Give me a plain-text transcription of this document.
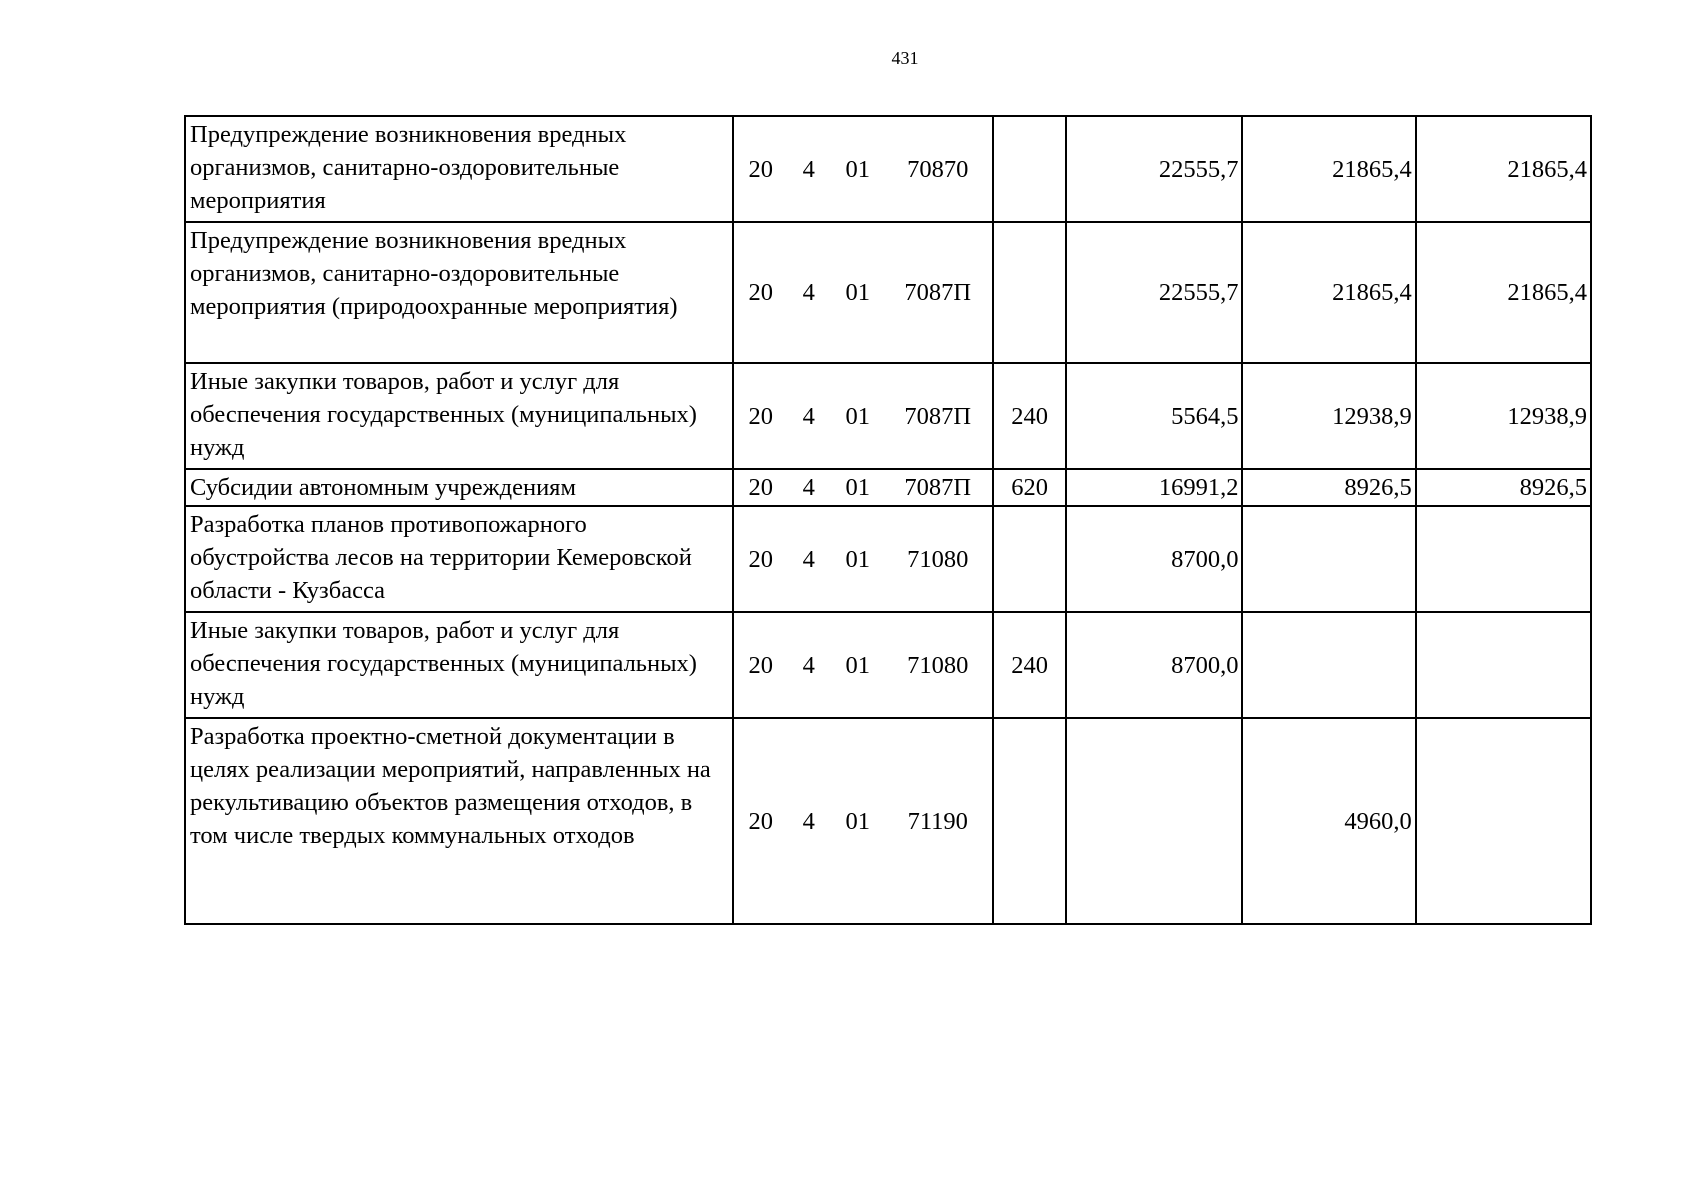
431
Предупреждение возникновения вредных организмов, санитарно-оздоровительные мероприятия	20 4 01 70870		22555,7	21865,4	21865,4
Предупреждение возникновения вредных организмов, санитарно-оздоровительные мероприятия (природоохранные мероприятия)	20 4 01 7087П		22555,7	21865,4	21865,4
Иные закупки товаров, работ и услуг для обеспечения государственных (муниципальных) нужд	20 4 01 7087П	240	5564,5	12938,9	12938,9
Субсидии автономным учреждениям	20 4 01 7087П	620	16991,2	8926,5	8926,5
Разработка планов противопожарного обустройства лесов на территории Кемеровской области - Кузбасса	20 4 01 71080		8700,0		
Иные закупки товаров, работ и услуг для обеспечения государственных (муниципальных) нужд	20 4 01 71080	240	8700,0		
Разработка проектно-сметной документации в целях реализации мероприятий, направленных на рекультивацию объектов размещения отходов, в том числе твердых коммунальных отходов	20 4 01 71190			4960,0	
